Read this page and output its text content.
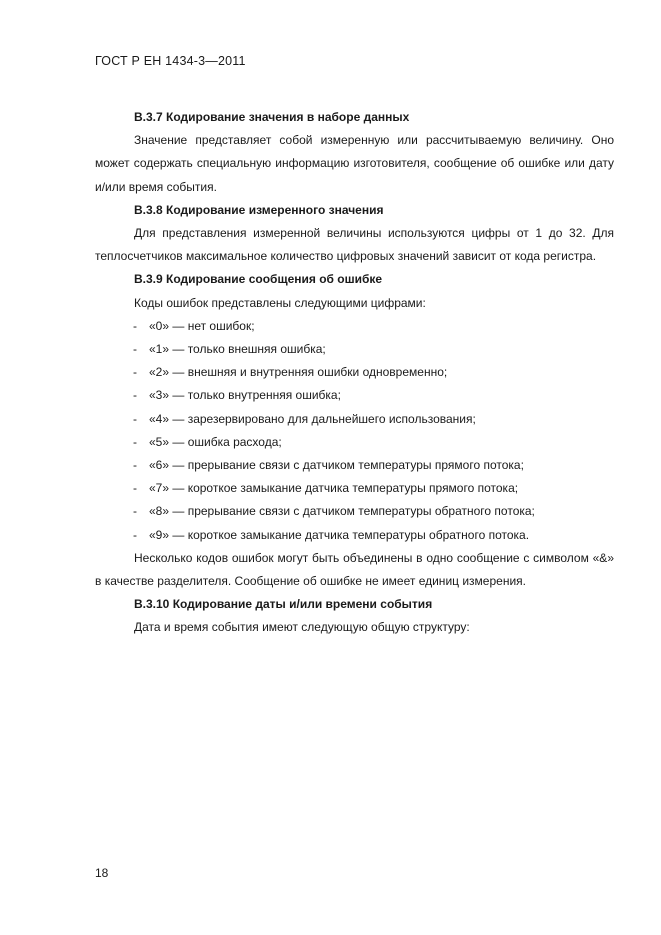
ГОСТ Р ЕН 1434-3—2011
B.3.7 Кодирование значения в наборе данных

Значение представляет собой измеренную или рассчитываемую величину. Оно может содержать специальную информацию изготовителя, сообщение об ошибке или дату и/или время события.

B.3.8 Кодирование измеренного значения

Для представления измеренной величины используются цифры от 1 до 32. Для теплосчетчиков максимальное количество цифровых значений зависит от кода регистра.

B.3.9 Кодирование сообщения об ошибке

Коды ошибок представлены следующими цифрами:

- «0» — нет ошибок;
- «1» — только внешняя ошибка;
- «2» — внешняя и внутренняя ошибки одновременно;
- «3» — только внутренняя ошибка;
- «4» — зарезервировано для дальнейшего использования;
- «5» — ошибка расхода;
- «6» — прерывание связи с датчиком температуры прямого потока;
- «7» — короткое замыкание датчика температуры прямого потока;
- «8» — прерывание связи с датчиком температуры обратного потока;
- «9» — короткое замыкание датчика температуры обратного потока.

Несколько кодов ошибок могут быть объединены в одно сообщение с символом «&» в качестве разделителя. Сообщение об ошибке не имеет единиц измерения.

B.3.10 Кодирование даты и/или времени события

Дата и время события имеют следующую общую структуру:

18
